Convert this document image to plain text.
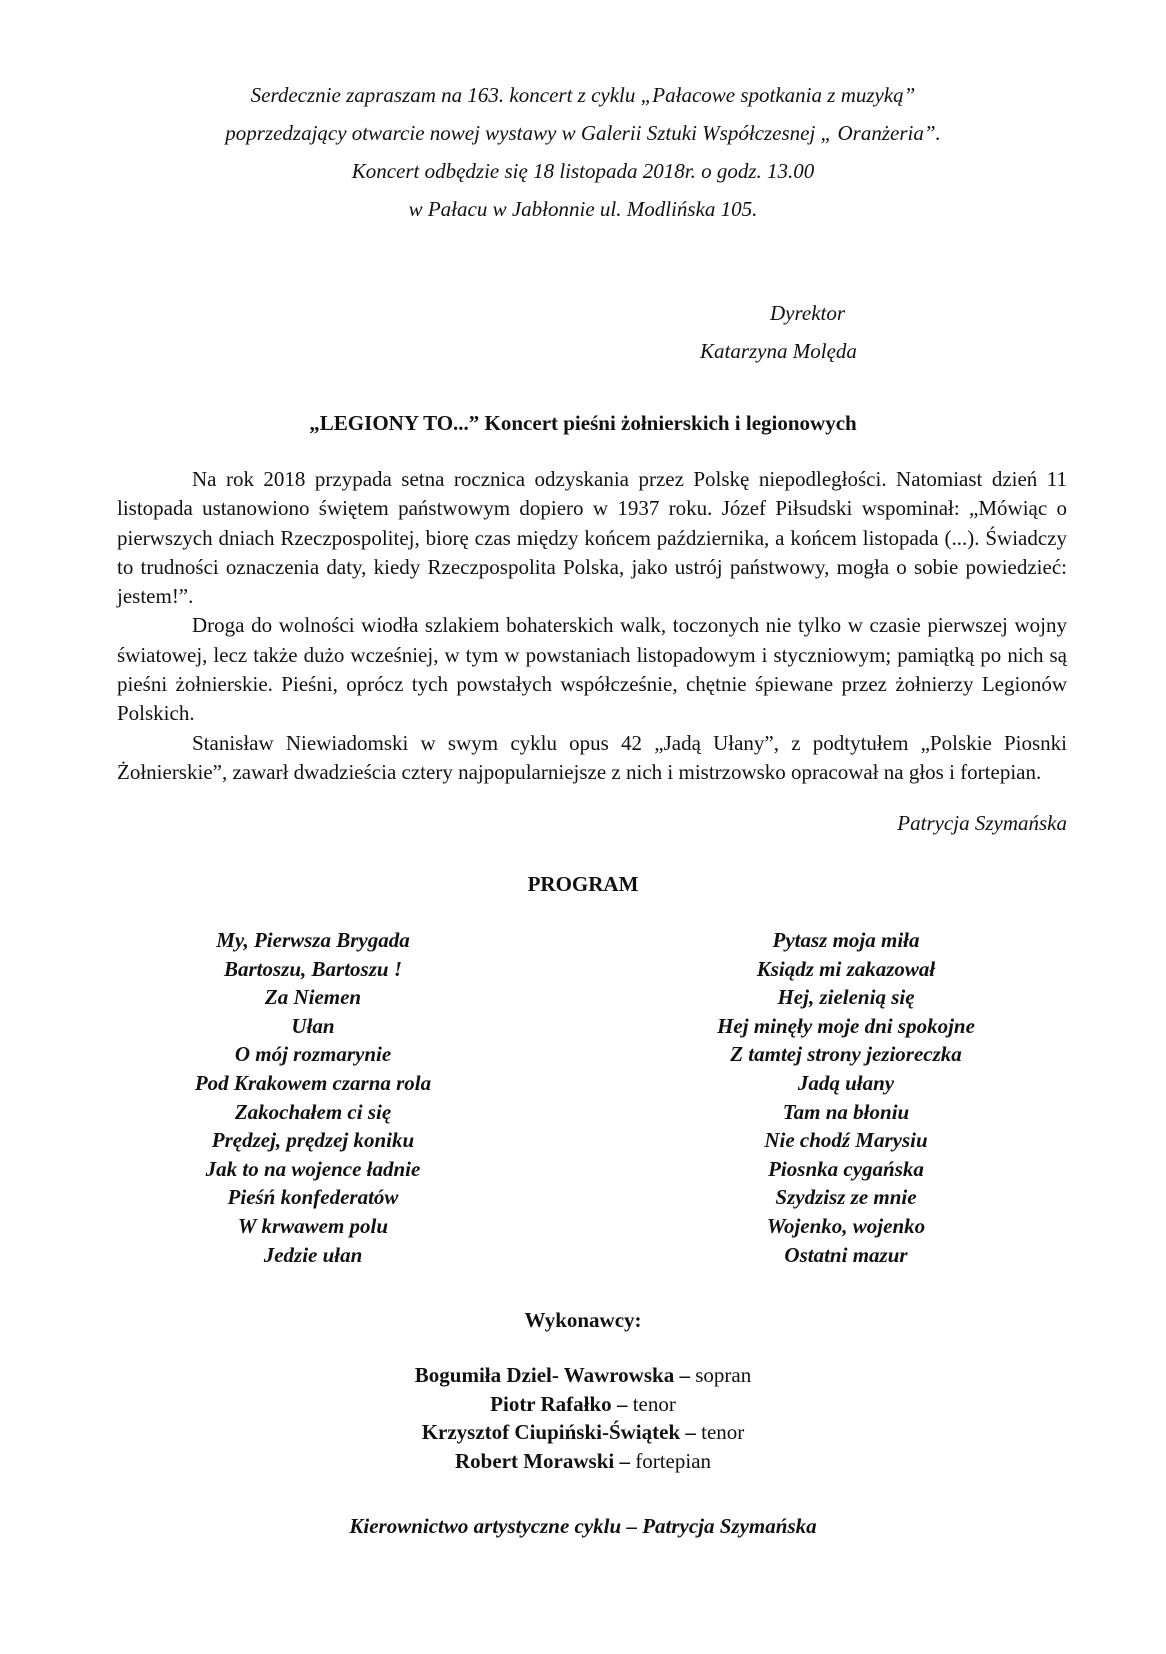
Serdecznie zapraszam na 163. koncert z cyklu „Pałacowe spotkania z muzyką”
poprzedzający otwarcie nowej wystawy w Galerii Sztuki Współczesnej „ Oranżeria”.
Koncert odbędzie się 18 listopada 2018r. o godz. 13.00
w Pałacu w Jabłonnie ul. Modlińska 105.
Dyrektor
Katarzyna Molęda
„LEGIONY TO...” Koncert pieśni żołnierskich i legionowych

Na rok 2018 przypada setna rocznica odzyskania przez Polskę niepodległości. Natomiast dzień 11 listopada ustanowiono świętem państwowym dopiero w 1937 roku. Józef Piłsudski wspominał: „Mówiąc o pierwszych dniach Rzeczpospolitej, biorę czas między końcem października, a końcem listopada (...). Świadczy to trudności oznaczenia daty, kiedy Rzeczpospolita Polska, jako ustrój państwowy, mogła o sobie powiedzieć: jestem!”.

Droga do wolności wiodła szlakiem bohaterskich walk, toczonych nie tylko w czasie pierwszej wojny światowej, lecz także dużo wcześniej, w tym w powstaniach listopadowym i styczniowym; pamiątką po nich są pieśni żołnierskie. Pieśni, oprócz tych powstałych współcześnie, chętnie śpiewane przez żołnierzy Legionów Polskich.

Stanisław Niewiadomski w swym cyklu opus 42 „Jadą Ułany”, z podtytułem „Polskie Piosnki Żołnierskie”, zawarł dwadzieścia cztery najpopularniejsze z nich i mistrzowsko opracował na głos i fortepian.

Patrycja Szymańska
PROGRAM
My, Pierwsza Brygada
Bartoszu, Bartoszu !
Za Niemen
Ułan
O mój rozmarynie
Pod Krakowem czarna rola
Zakochałem ci się
Prędzej, prędzej koniku
Jak to na wojence ładnie
Pieśń konfederatów
W krwawem polu
Jedzie ułan
Pytasz moja miła
Ksiądz mi zakazował
Hej, zielenią się
Hej minęły moje dni spokojne
Z tamtej strony jezioreczka
Jadą ułany
Tam na błoniu
Nie chodź Marysiu
Piosnka cygańska
Szydzisz ze mnie
Wojenko, wojenko
Ostatni mazur
Wykonawcy:
Bogumiła Dziel- Wawrowska – sopran
Piotr Rafałko – tenor
Krzysztof Ciupiński-Świątek – tenor
Robert Morawski – fortepian
Kierownictwo artystyczne cyklu – Patrycja Szymańska
